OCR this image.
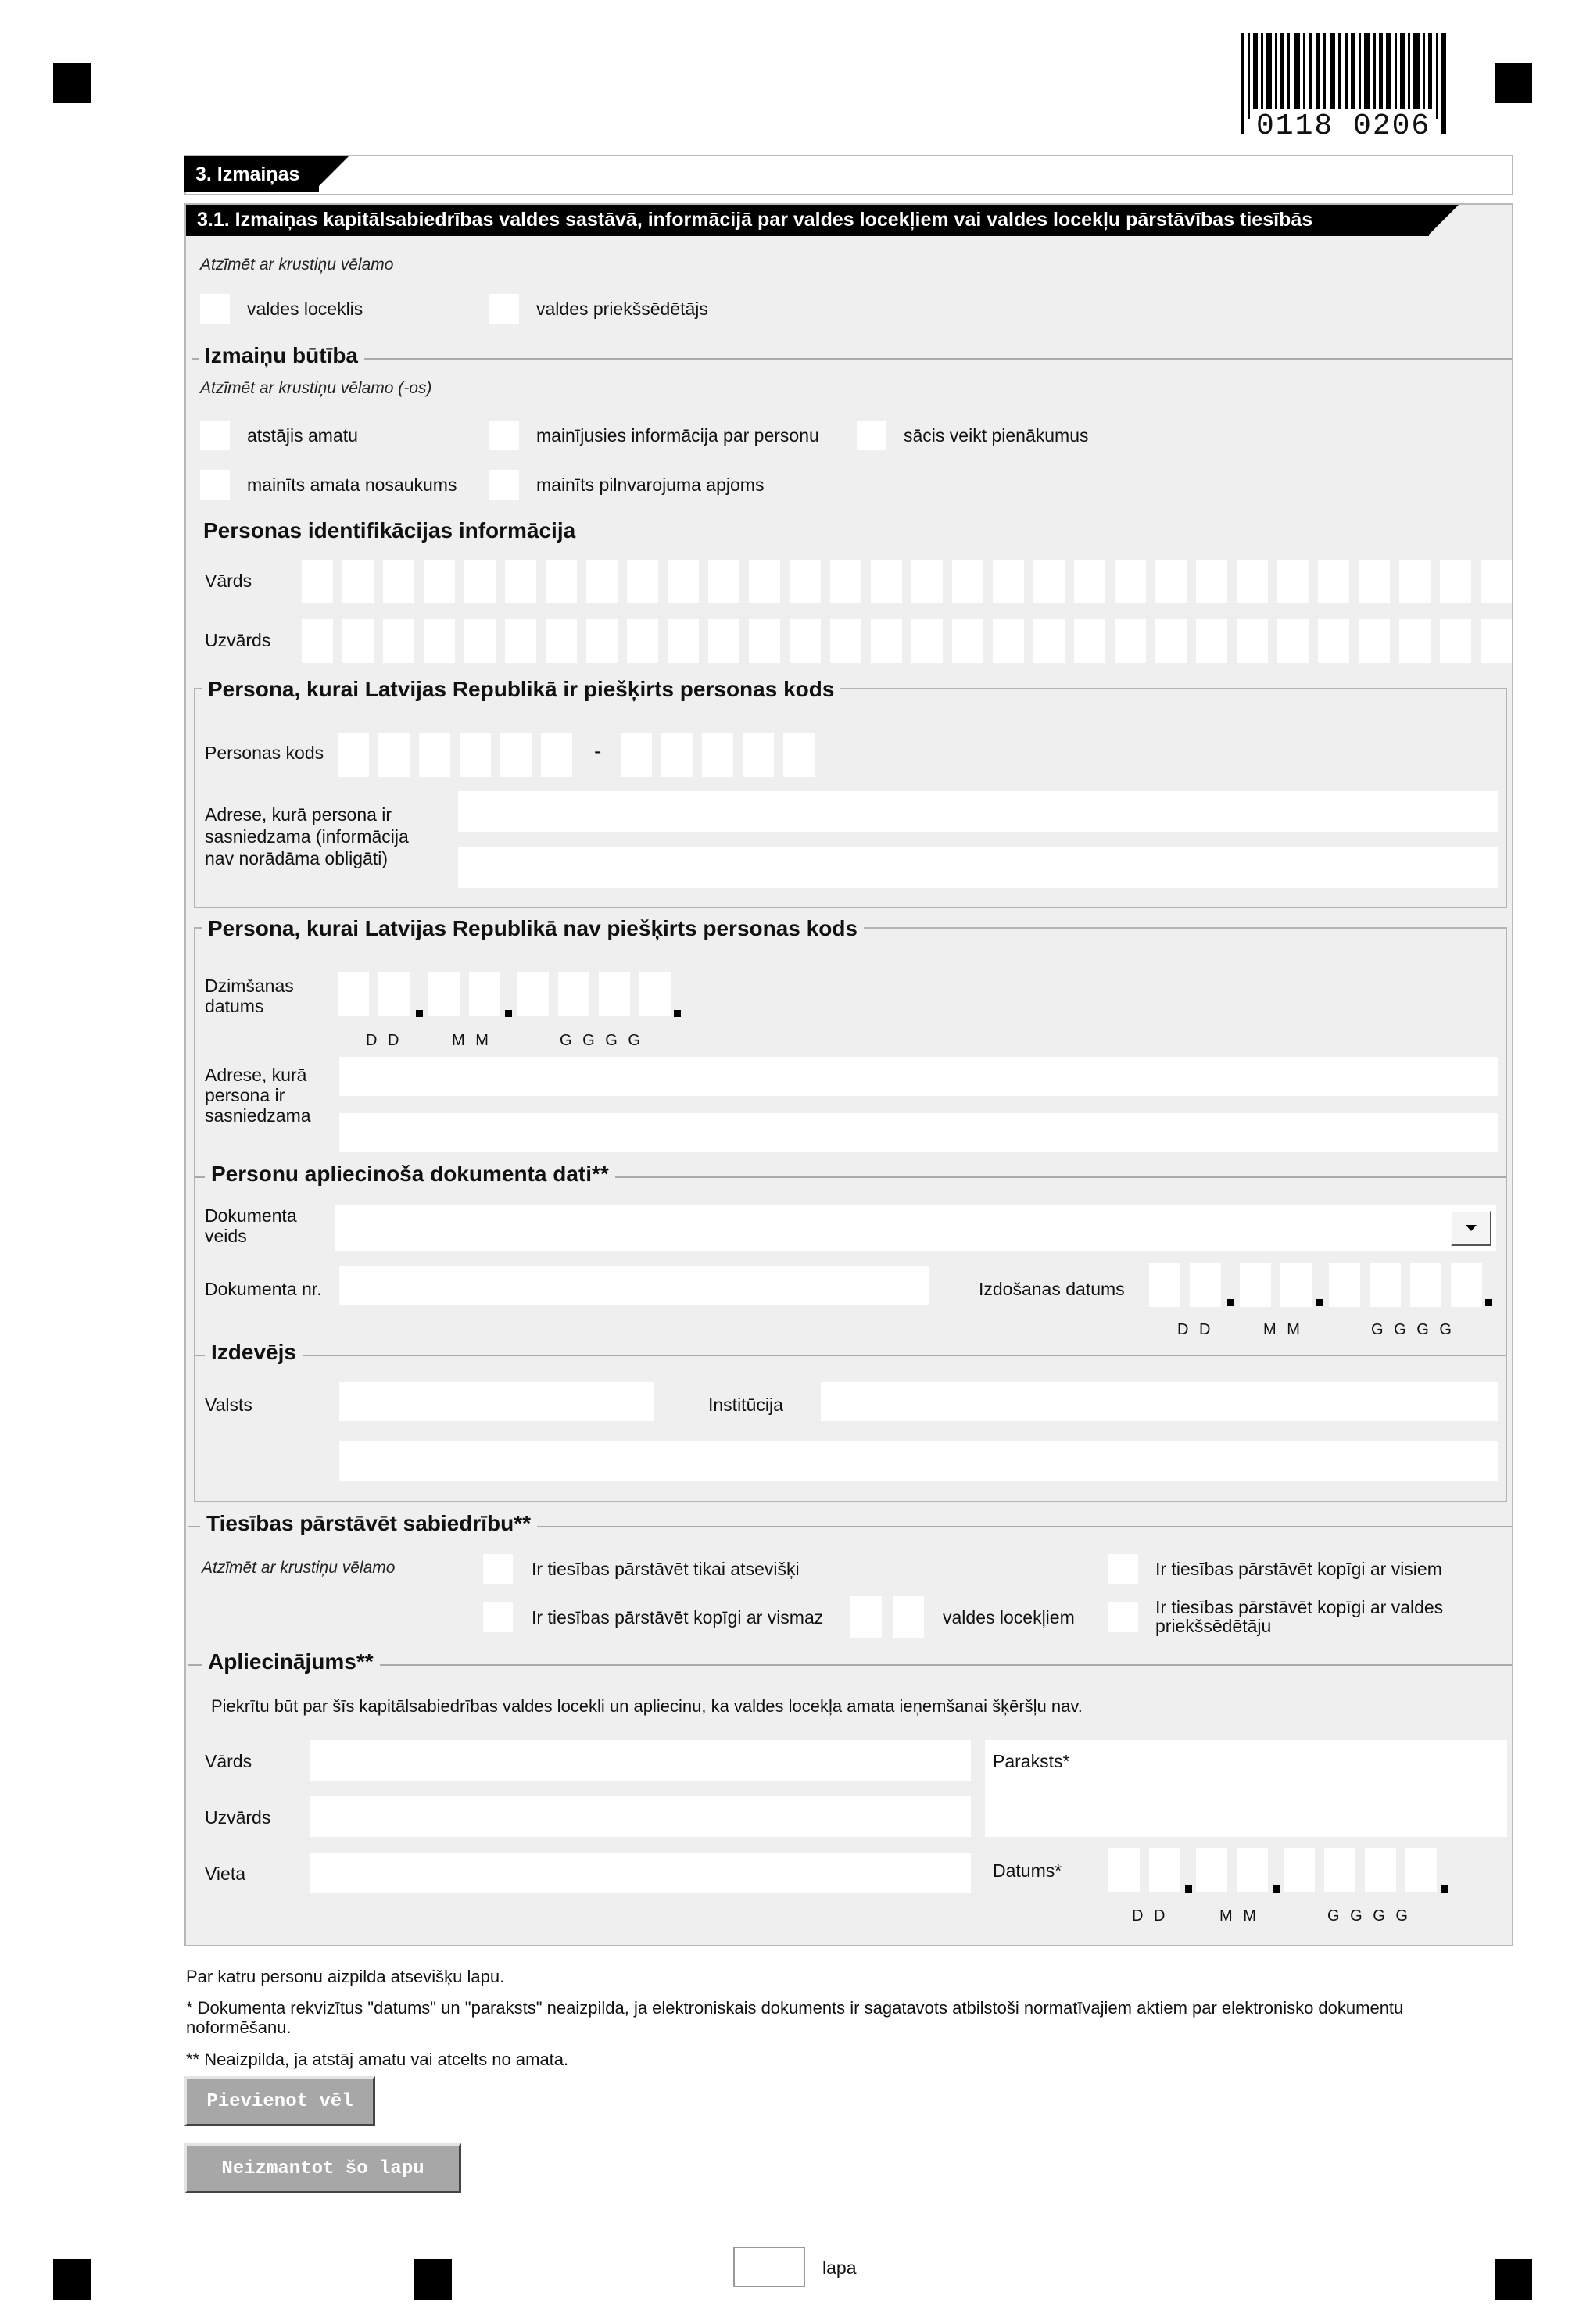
0118 0206
3. Izmaiņas
3.1. Izmaiņas kapitālsabiedrības valdes sastāvā, informācijā par valdes locekļiem vai valdes locekļu pārstāvības tiesībās
Atzīmēt ar krustiņu vēlamo
valdes loceklis	valdes priekšsēdētājs
Izmaiņu būtība
Atzīmēt ar krustiņu vēlamo (-os)
atstājis amatu	mainījusies informācija par personu	sācis veikt pienākumus
mainīts amata nosaukums	mainīts pilnvarojuma apjoms
Personas identifikācijas informācija
Vārds
Uzvārds
Persona, kurai Latvijas Republikā ir piešķirts personas kods
Personas kods	-
Adrese, kurā persona ir sasniedzama (informācija nav norādāma obligāti)
Persona, kurai Latvijas Republikā nav piešķirts personas kods
Dzimšanas datums
D D	M M	G G G G
Adrese, kurā persona ir sasniedzama
Personu apliecinoša dokumenta dati**
Dokumenta veids
Dokumenta nr.	Izdošanas datums
D D	M M	G G G G
Izdevējs
Valsts	Institūcija
Tiesības pārstāvēt sabiedrību**
Atzīmēt ar krustiņu vēlamo	Ir tiesības pārstāvēt tikai atsevišķi	Ir tiesības pārstāvēt kopīgi ar visiem
Ir tiesības pārstāvēt kopīgi ar vismaz	valdes locekļiem	Ir tiesības pārstāvēt kopīgi ar valdes priekšsēdētāju
Apliecinājums**
Piekrītu būt par šīs kapitālsabiedrības valdes locekli un apliecinu, ka valdes locekļa amata ieņemšanai šķēršļu nav.
Vārds
Uzvārds
Vieta
Paraksts*
Datums*
D D	M M	G G G G
Par katru personu aizpilda atsevišķu lapu.
* Dokumenta rekvizītus "datums" un "paraksts" neaizpilda, ja elektroniskais dokuments ir sagatavots atbilstoši normatīvajiem aktiem par elektronisko dokumentu noformēšanu.
** Neaizpilda, ja atstāj amatu vai atcelts no amata.
Pievienot vēl
Neizmantot šo lapu
lapa
